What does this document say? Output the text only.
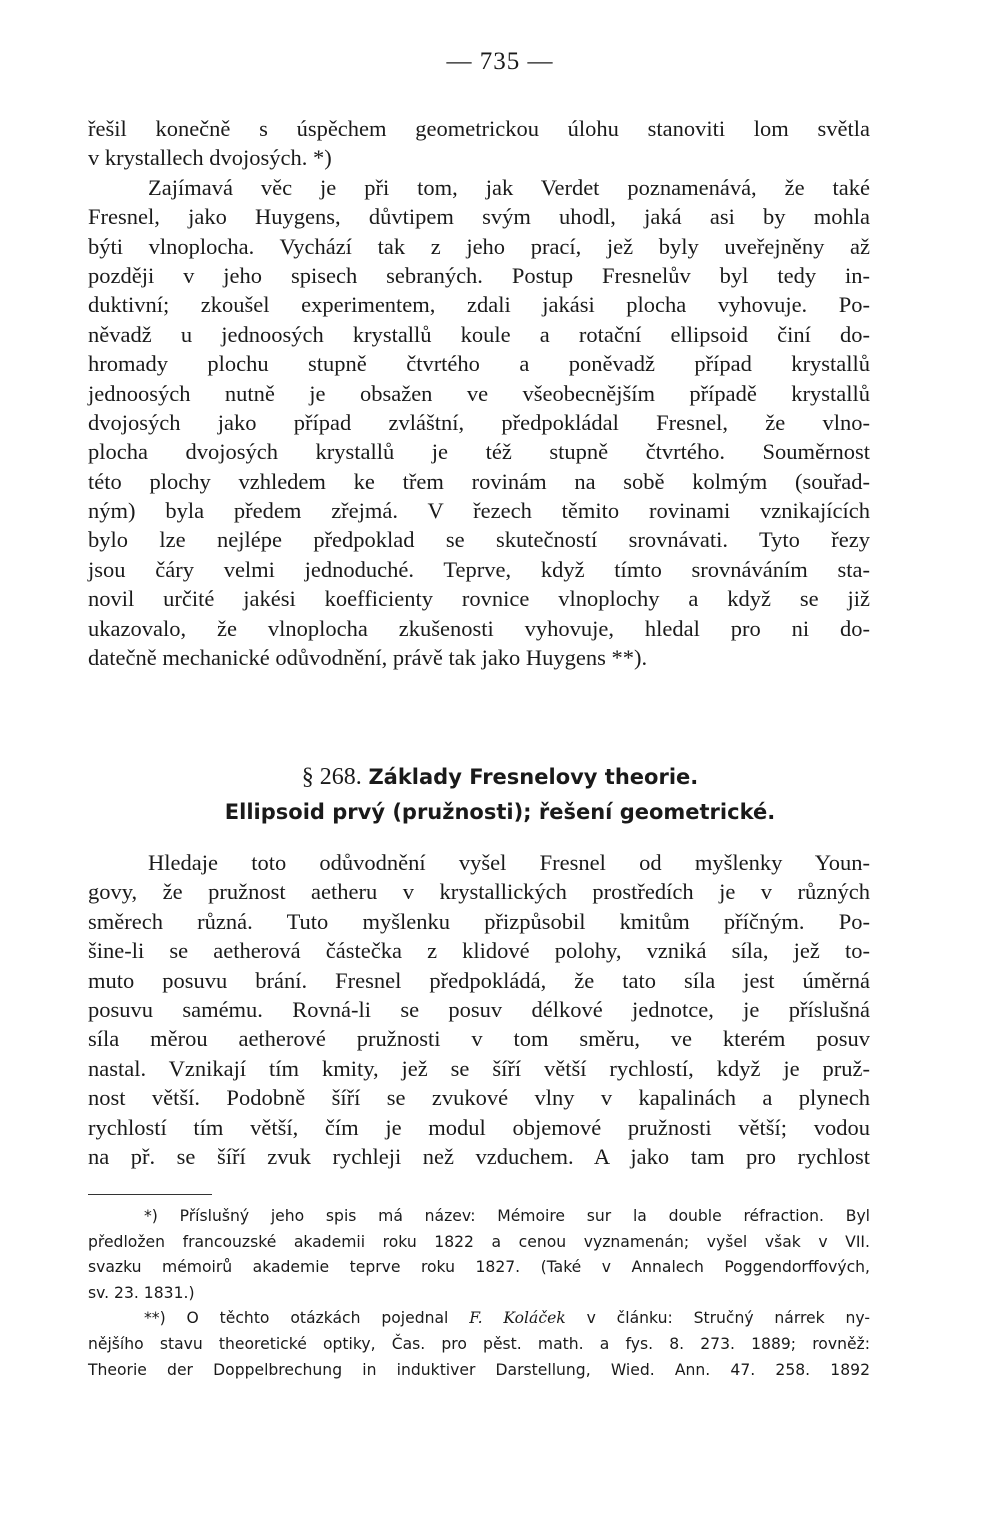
— 735 —
řešil konečně s úspěchem geometrickou úlohu stanoviti lom světla
v krystallech dvojosých. *)
Zajímavá věc je při tom, jak Verdet poznamenává, že také
Fresnel, jako Huygens, důvtipem svým uhodl, jaká asi by mohla
býti vlnoplocha. Vychází tak z jeho prací, jež byly uveřejněny až
později v jeho spisech sebraných. Postup Fresnelův byl tedy in-
duktivní; zkoušel experimentem, zdali jakási plocha vyhovuje. Po-
něvadž u jednoosých krystallů koule a rotační ellipsoid činí do-
hromady plochu stupně čtvrtého a poněvadž případ krystallů
jednoosých nutně je obsažen ve všeobecnějším případě krystallů
dvojosých jako případ zvláštní, předpokládal Fresnel, že vlno-
plocha dvojosých krystallů je též stupně čtvrtého. Souměrnost
této plochy vzhledem ke třem rovinám na sobě kolmým (souřad-
ným) byla předem zřejmá. V řezech těmito rovinami vznikajících
bylo lze nejlépe předpoklad se skutečností srovnávati. Tyto řezy
jsou čáry velmi jednoduché. Teprve, když tímto srovnáváním sta-
novil určité jakési koefficienty rovnice vlnoplochy a když se již
ukazovalo, že vlnoplocha zkušenosti vyhovuje, hledal pro ni do-
datečně mechanické odůvodnění, právě tak jako Huygens **).
§ 268. Základy Fresnelovy theorie.
Ellipsoid prvý (pružnosti); řešení geometrické.
Hledaje toto odůvodnění vyšel Fresnel od myšlenky Youn-
govy, že pružnost aetheru v krystallických prostředích je v různých
směrech různá. Tuto myšlenku přizpůsobil kmitům příčným. Po-
šine-li se aetherová částečka z klidové polohy, vzniká síla, jež to-
muto posuvu brání. Fresnel předpokládá, že tato síla jest úměrná
posuvu samému. Rovná-li se posuv délkové jednotce, je příslušná
síla měrou aetherové pružnosti v tom směru, ve kterém posuv
nastal. Vznikají tím kmity, jež se šíří větší rychlostí, když je pruž-
nost větší. Podobně šíří se zvukové vlny v kapalinách a plynech
rychlostí tím větší, čím je modul objemové pružnosti větší; vodou
na př. se šíří zvuk rychleji než vzduchem. A jako tam pro rychlost
*) Příslušný jeho spis má název: Mémoire sur la double réfraction. Byl
předložen francouzské akademii roku 1822 a cenou vyznamenán; vyšel však v VII.
svazku mémoirů akademie teprve roku 1827. (Také v Annalech Poggendorffových,
sv. 23. 1831.)
**) O těchto otázkách pojednal F. Koláček v článku: Stručný nárrek ny-
nějšího stavu theoretické optiky, Čas. pro pěst. math. a fys. 8. 273. 1889; rovněž:
Theorie der Doppelbrechung in induktiver Darstellung, Wied. Ann. 47. 258. 1892
